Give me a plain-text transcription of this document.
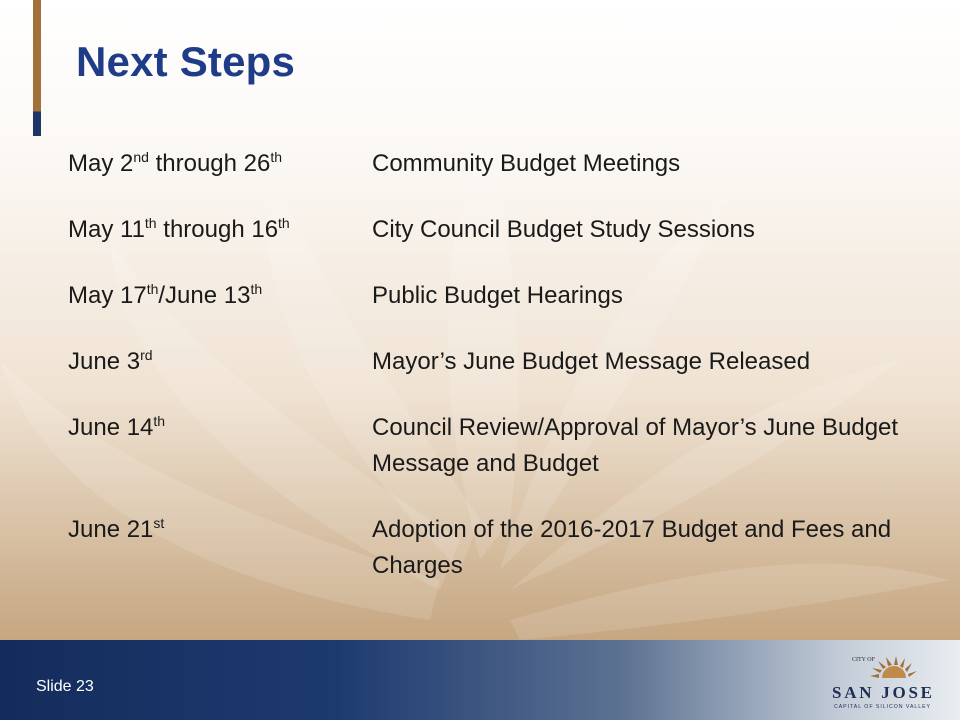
Next Steps
May 2nd through 26th	Community Budget Meetings
May 11th through 16th	City Council Budget Study Sessions
May 17th/June 13th	Public Budget Hearings
June 3rd	Mayor’s June Budget Message Released
June 14th	Council Review/Approval of Mayor’s June Budget Message and Budget
June 21st	Adoption of the 2016-2017 Budget and Fees and Charges
Slide 23
CITY OF
SAN JOSE
CAPITAL OF SILICON VALLEY
